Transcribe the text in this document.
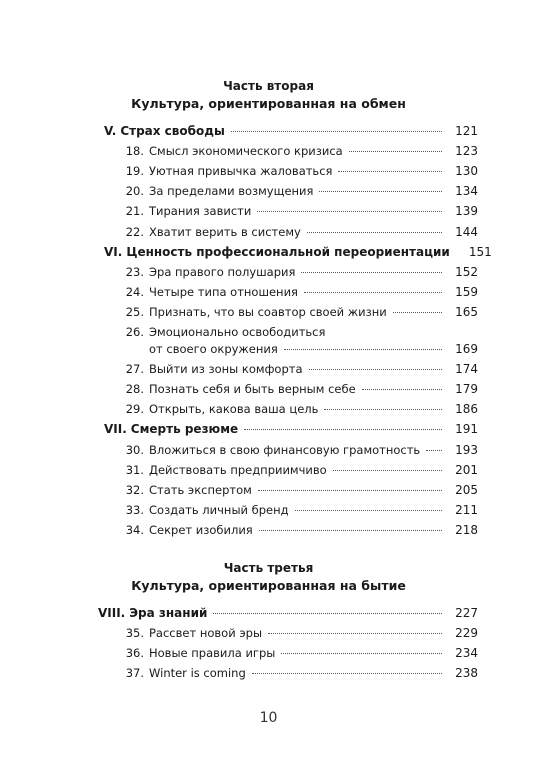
Часть вторая
Культура, ориентированная на обмен
V. Страх свободы	121
18. Смысл экономического кризиса	123
19. Уютная привычка жаловаться	130
20. За пределами возмущения	134
21. Тирания зависти	139
22. Хватит верить в систему	144
VI. Ценность профессиональной переориентации	151
23. Эра правого полушария	152
24. Четыре типа отношения	159
25. Признать, что вы соавтор своей жизни	165
26. Эмоционально освободиться
от своего окружения	169
27. Выйти из зоны комфорта	174
28. Познать себя и быть верным себе	179
29. Открыть, какова ваша цель	186
VII. Смерть резюме	191
30. Вложиться в свою финансовую грамотность	193
31. Действовать предприимчиво	201
32. Стать экспертом	205
33. Создать личный бренд	211
34. Секрет изобилия	218
Часть третья
Культура, ориентированная на бытие
VIII. Эра знаний	227
35. Рассвет новой эры	229
36. Новые правила игры	234
37. Winter is coming	238
10
